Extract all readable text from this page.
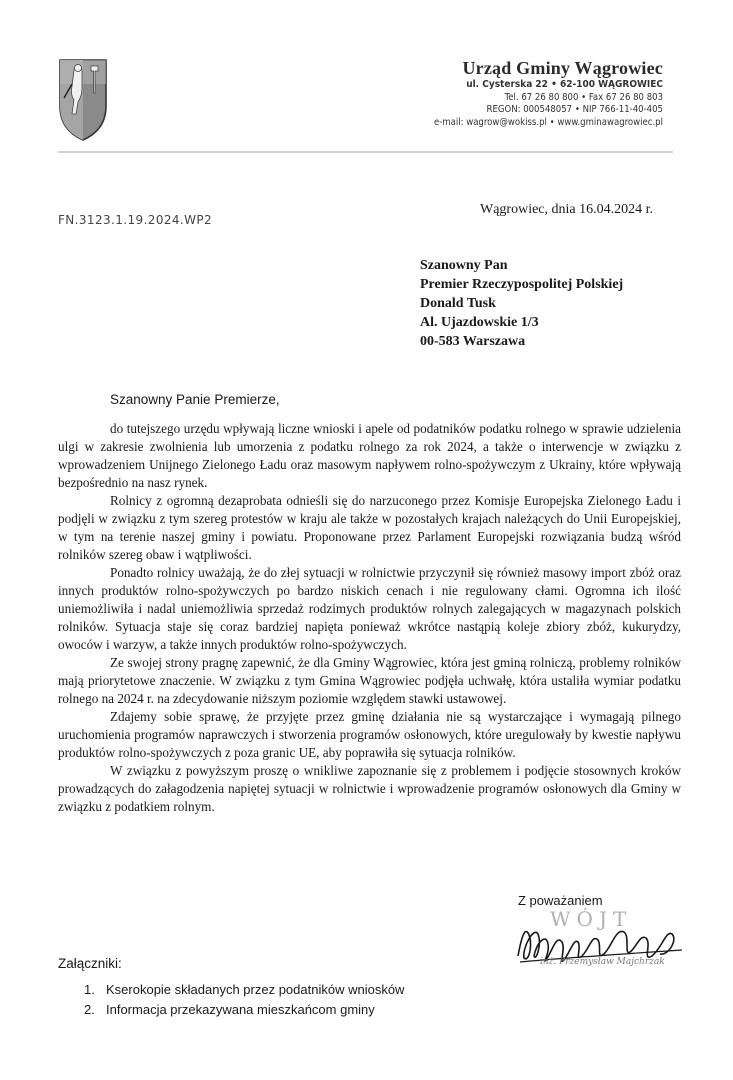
Urząd Gminy Wągrowiec
ul. Cysterska 22 • 62-100 WĄGROWIEC
Tel. 67 26 80 800 • Fax 67 26 80 803
REGON: 000548057 • NIP 766-11-40-405
e-mail: wagrow@wokiss.pl • www.gminawagrowiec.pl
Wągrowiec, dnia 16.04.2024 r.
FN.3123.1.19.2024.WP2
Szanowny Pan
Premier Rzeczypospolitej Polskiej
Donald Tusk
Al. Ujazdowskie 1/3
00-583 Warszawa
Szanowny Panie Premierze,

do tutejszego urzędu wpływają liczne wnioski i apele od podatników podatku rolnego w sprawie udzielenia ulgi w zakresie zwolnienia lub umorzenia z podatku rolnego za rok 2024, a także o interwencje w związku z wprowadzeniem Unijnego Zielonego Ładu oraz masowym napływem rolno-spożywczym z Ukrainy, które wpływają bezpośrednio na nasz rynek.

Rolnicy z ogromną dezaprobata odnieśli się do narzuconego przez Komisje Europejska Zielonego Ładu i podjęli w związku z tym szereg protestów w kraju ale także w pozostałych krajach należących do Unii Europejskiej, w tym na terenie naszej gminy i powiatu. Proponowane przez Parlament Europejski rozwiązania budzą wśród rolników szereg obaw i wątpliwości.

Ponadto rolnicy uważają, że do złej sytuacji w rolnictwie przyczynił się również masowy import zbóż oraz innych produktów rolno-spożywczych po bardzo niskich cenach i nie regulowany cłami. Ogromna ich ilość uniemożliwiła i nadal uniemożliwia sprzedaż rodzimych produktów rolnych zalegających w magazynach polskich rolników. Sytuacja staje się coraz bardziej napięta ponieważ wkrótce nastąpią koleje zbiory zbóż, kukurydzy, owoców i warzyw, a także innych produktów rolno-spożywczych.

Ze swojej strony pragnę zapewnić, że dla Gminy Wągrowiec, która jest gminą rolniczą, problemy rolników mają priorytetowe znaczenie. W związku z tym Gmina Wągrowiec podjęła uchwałę, która ustaliła wymiar podatku rolnego na 2024 r. na zdecydowanie niższym poziomie względem stawki ustawowej.

Zdajemy sobie sprawę, że przyjęte przez gminę działania nie są wystarczające i wymagają pilnego uruchomienia programów naprawczych i stworzenia programów osłonowych, które uregulowały by kwestie napływu produktów rolno-spożywczych z poza granic UE, aby poprawiła się sytuacja rolników.

W związku z powyższym proszę o wnikliwe zapoznanie się z problemem i podjęcie stosownych kroków prowadzących do załagodzenia napiętej sytuacji w rolnictwie i wprowadzenie programów osłonowych dla Gminy w związku z podatkiem rolnym.

Z poważaniem
WÓJT
inż. Przemysław Majchrzak
Załączniki:
1. Kserokopie składanych przez podatników wniosków
2. Informacja przekazywana mieszkańcom gminy
